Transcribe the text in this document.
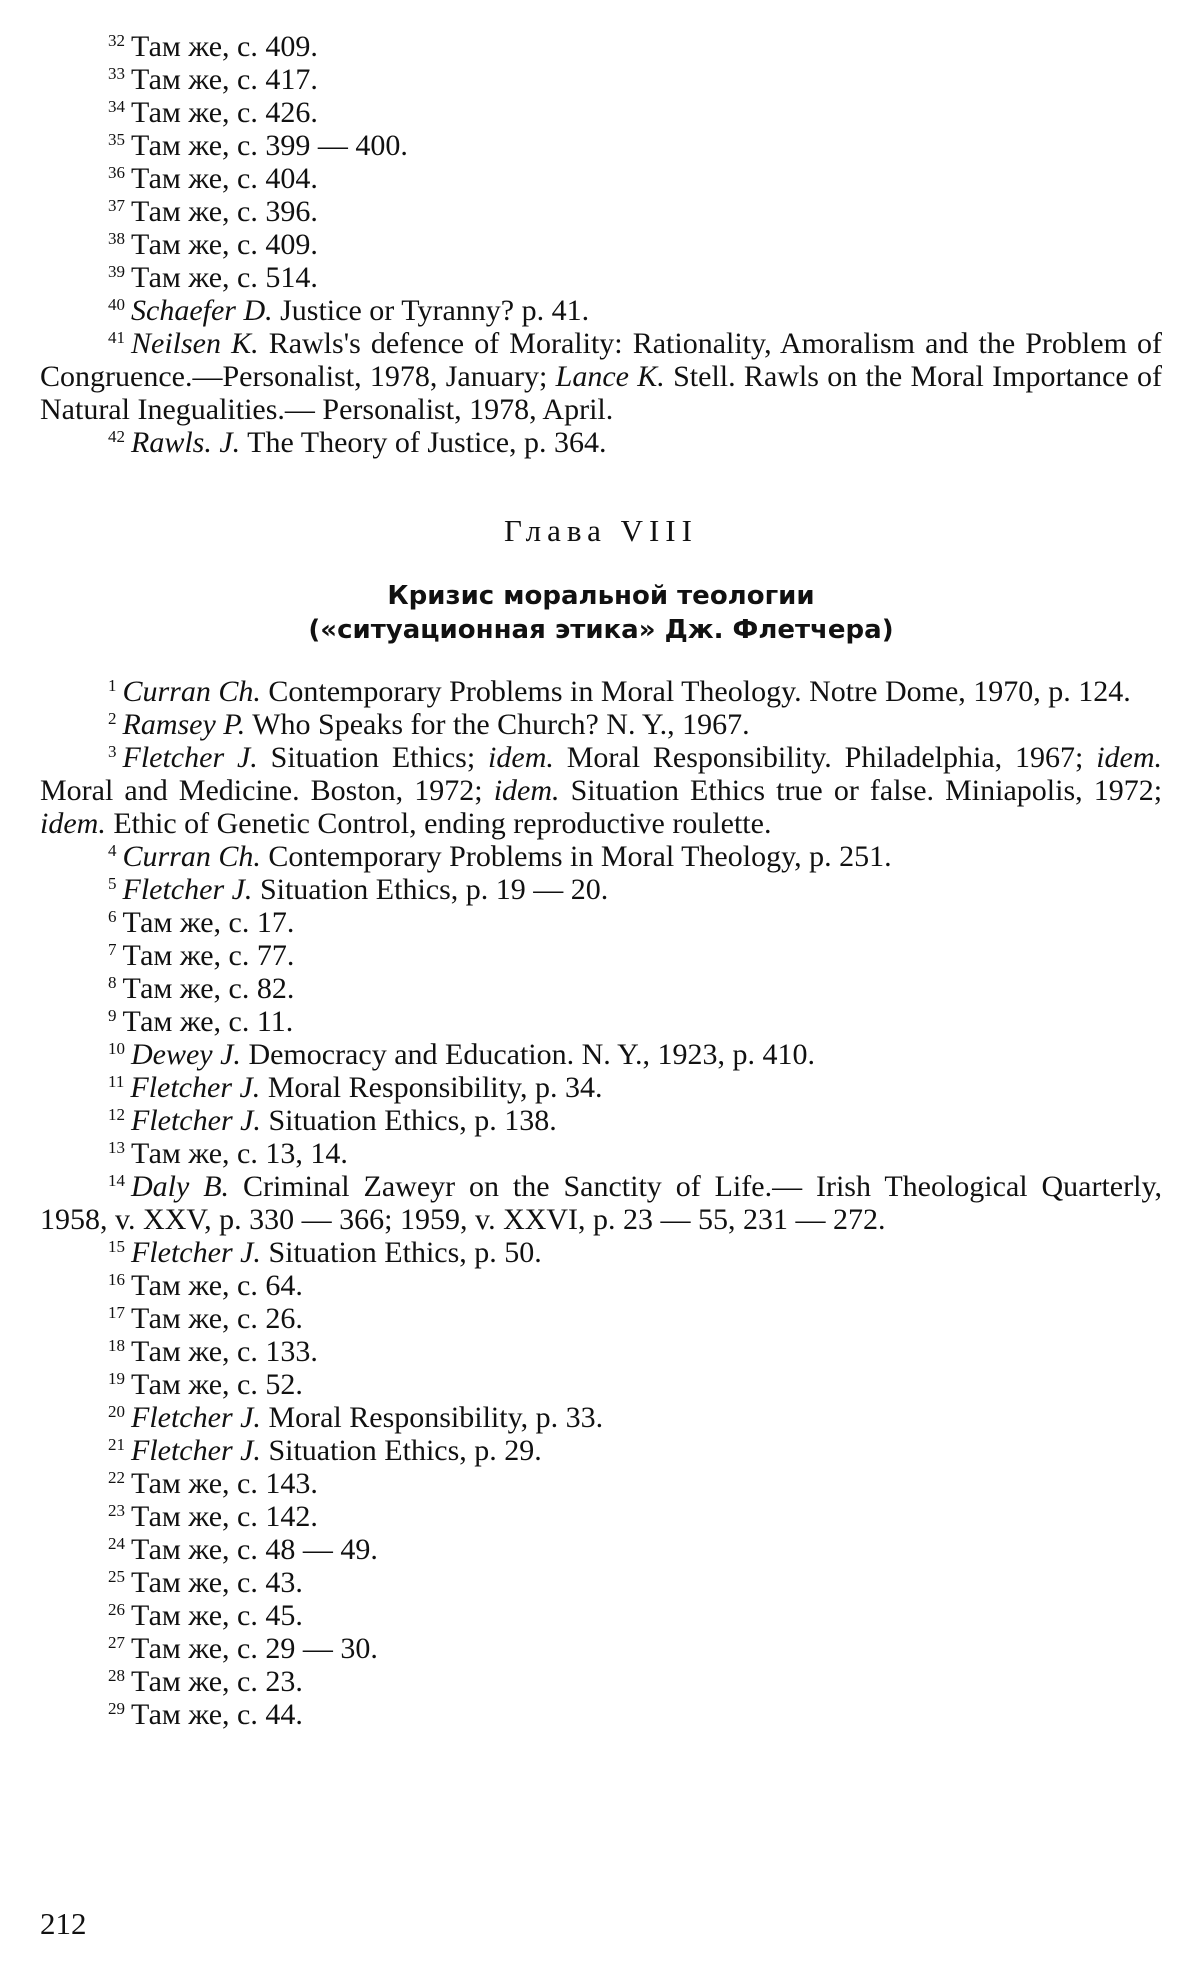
$^{32}$ Там же, с. 409.

$^{33}$ Там же, с. 417.

$^{34}$ Там же, с. 426.

$^{35}$ Там же, с. 399 — 400.

$^{36}$ Там же, с. 404.

$^{37}$ Там же, с. 396.

$^{38}$ Там же, с. 409.

$^{39}$ Там же, с. 514.

$^{40}$ Schaefer D. Justice or Tyranny? p. 41.

$^{41}$ Neilsen K. Rawls's defence of Morality: Rationality, Amoralism and the Problem of Congruence.—Personalist, 1978, January; Lance K. Stell. Rawls on the Moral Importance of Natural Inegualities.— Personalist, 1978, April.

$^{42}$ Rawls. J. The Theory of Justice, p. 364.

Глава VIII
Кризис моральной теологии
(«ситуационная этика» Дж. Флетчера)

$^1$ Curran Ch. Contemporary Problems in Moral Theology. Notre Dome, 1970, p. 124.

$^2$ Ramsey P. Who Speaks for the Church? N. Y., 1967.

$^3$ Fletcher J. Situation Ethics; idem. Moral Responsibility. Philadelphia, 1967; idem. Moral and Medicine. Boston, 1972; idem. Situation Ethics true or false. Miniapolis, 1972; idem. Ethic of Genetic Control, ending reproductive roulette.

$^4$ Curran Ch. Contemporary Problems in Moral Theology, p. 251.

$^5$ Fletcher J. Situation Ethics, p. 19 — 20.

$^6$ Там же, с. 17.

$^7$ Там же, с. 77.

$^8$ Там же, с. 82.

$^9$ Там же, с. 11.

$^{10}$ Dewey J. Democracy and Education. N. Y., 1923, p. 410.

$^{11}$ Fletcher J. Moral Responsibility, p. 34.

$^{12}$ Fletcher J. Situation Ethics, p. 138.

$^{13}$ Там же, с. 13, 14.

$^{14}$ Daly B. Criminal Zaweyr on the Sanctity of Life.— Irish Theological Quarterly, 1958, v. XXV, p. 330 — 366; 1959, v. XXVI, p. 23 — 55, 231 — 272.

$^{15}$ Fletcher J. Situation Ethics, p. 50.

$^{16}$ Там же, с. 64.

$^{17}$ Там же, с. 26.

$^{18}$ Там же, с. 133.

$^{19}$ Там же, с. 52.

$^{20}$ Fletcher J. Moral Responsibility, p. 33.

$^{21}$ Fletcher J. Situation Ethics, p. 29.

$^{22}$ Там же, с. 143.

$^{23}$ Там же, с. 142.

$^{24}$ Там же, с. 48 — 49.

$^{25}$ Там же, с. 43.

$^{26}$ Там же, с. 45.

$^{27}$ Там же, с. 29 — 30.

$^{28}$ Там же, с. 23.

$^{29}$ Там же, с. 44.

212
